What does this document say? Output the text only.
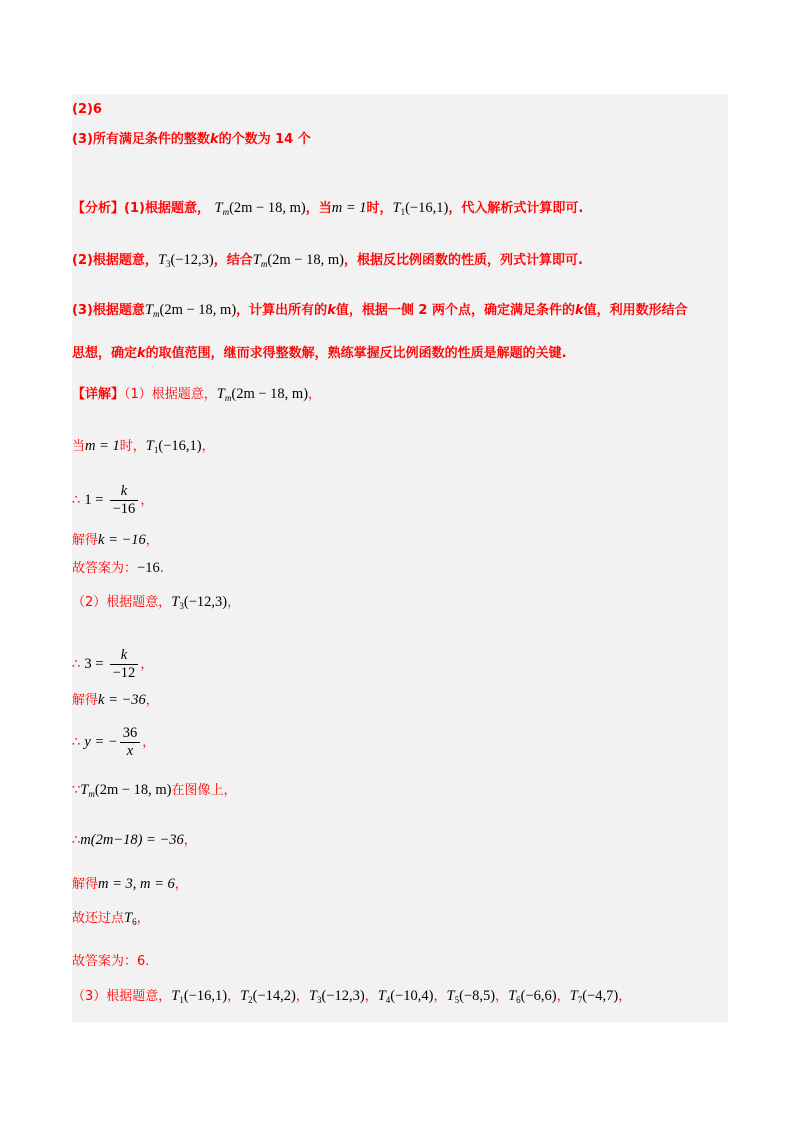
(2)6
(3)所有满足条件的整数k的个数为 14 个
【分析】(1)根据题意， $T_m(2m - 18$, m)，当m = 1时，$T_1(-16,1)$，代入解析式计算即可.
(2)根据题意，$T_3(-12,3)$，结合$T_m(2m - 18$, m)，根据反比例函数的性质，列式计算即可.
(3)根据题意$T_m(2m - 18$, m)，计算出所有的k值，根据一侧 2 两个点，确定满足条件的k值，利用数形结合
思想，确定k的取值范围，继而求得整数解，熟练掌握反比例函数的性质是解题的关键.
【详解】（1）根据题意，$T_m(2m - 18$, m)，
当m = 1时，$T_1(-16,1)$，
∴ $1 = \frac{k}{-16}$ ，
解得k = −16，
故答案为：−16.
（2）根据题意，$T_3(-12,3)$，
∴ $3 = \frac{k}{-12}$ ，
解得k = −36，
∴ y = − $\frac{36}{x}$ ，
$\because T_m(2m - 18$, m)在图像上，
∴m(2m−18) = −36，
解得m = 3, m = 6，
故还过点$T_6$，
故答案为：6.
（3）根据题意，$T_1(-16,1)$，$T_2(-14,2)$，$T_3(-12,3)$，$T_4(-10,4)$，$T_5(-8,5)$，$T_6(-6,6)$，$T_7(-4,7)$，
